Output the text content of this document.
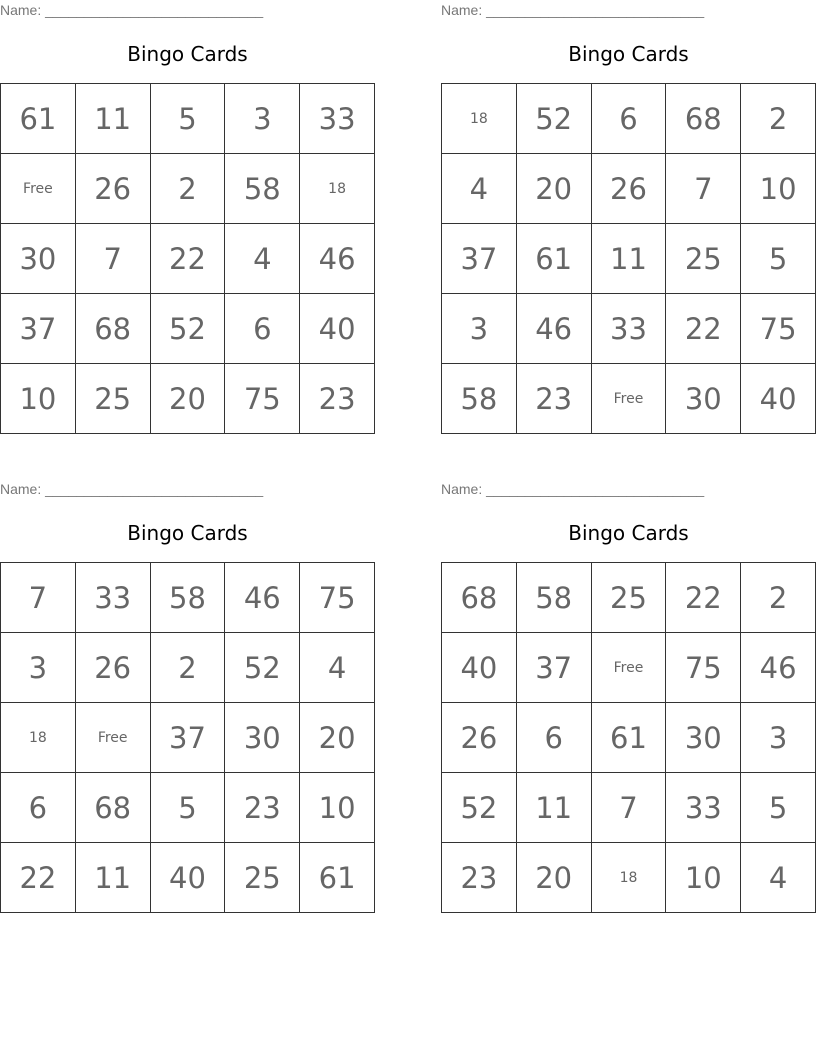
Name: ____________________________
Bingo Cards
61	11	5	3	33
Free	26	2	58	18
30	7	22	4	46
37	68	52	6	40
10	25	20	75	23
Name: ____________________________
Bingo Cards
18	52	6	68	2
4	20	26	7	10
37	61	11	25	5
3	46	33	22	75
58	23	Free	30	40
Name: ____________________________
Bingo Cards
7	33	58	46	75
3	26	2	52	4
18	Free	37	30	20
6	68	5	23	10
22	11	40	25	61
Name: ____________________________
Bingo Cards
68	58	25	22	2
40	37	Free	75	46
26	6	61	30	3
52	11	7	33	5
23	20	18	10	4
